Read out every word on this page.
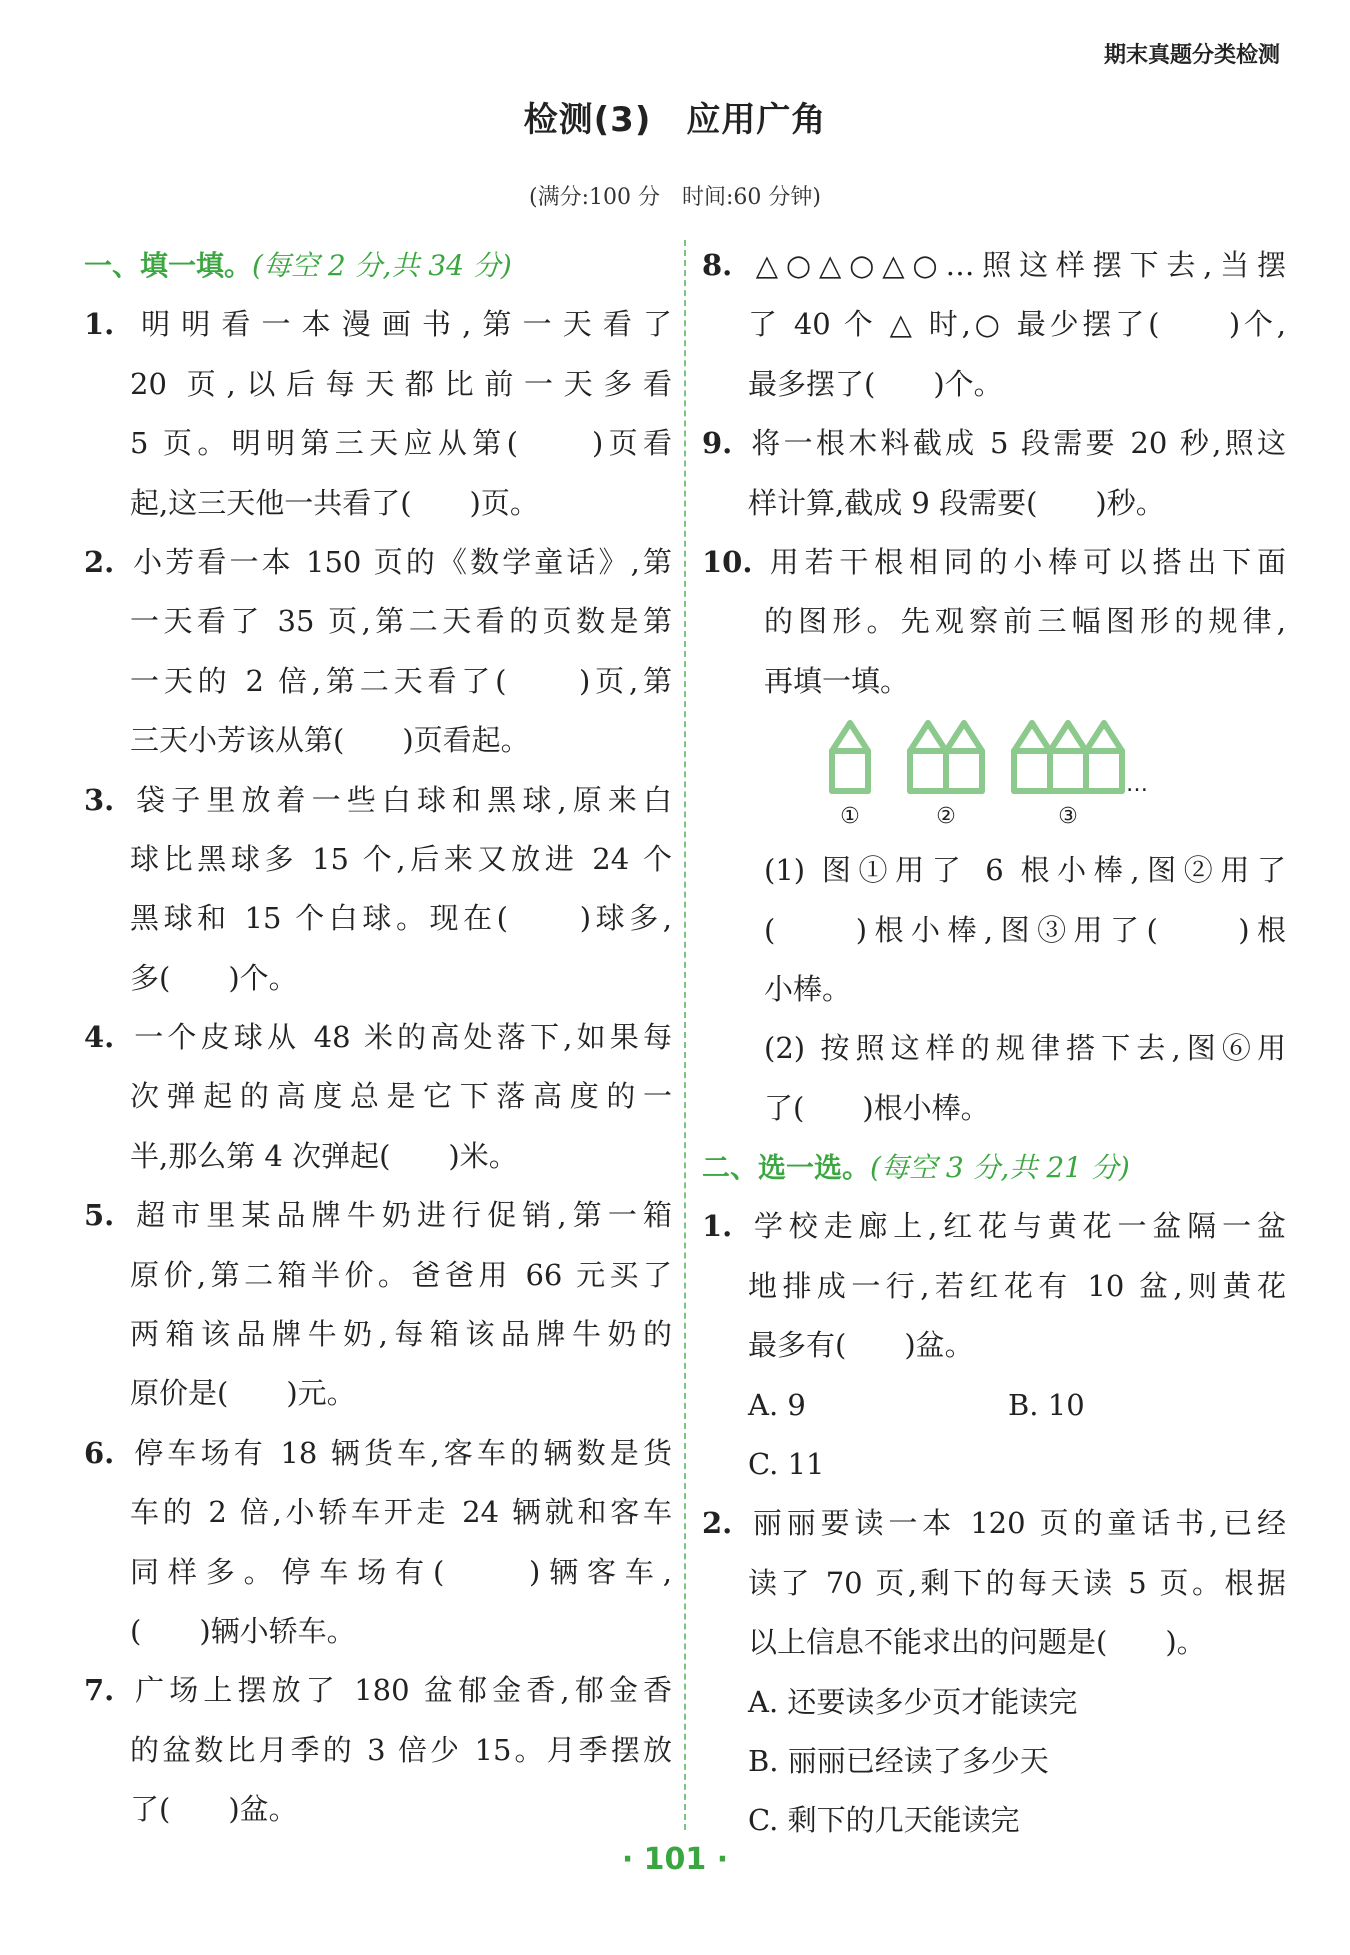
期末真题分类检测
检测(3)　应用广角
(满分:100 分　时间:60 分钟)
一、填一填。(每空 2 分,共 34 分)
1. 明明看一本漫画书,第一天看了
20 页,以后每天都比前一天多看
5 页。明明第三天应从第(　　)页看
起,这三天他一共看了(　　)页。
2. 小芳看一本 150 页的《数学童话》,第
一天看了 35 页,第二天看的页数是第
一天的 2 倍,第二天看了(　　)页,第
三天小芳该从第(　　)页看起。
3. 袋子里放着一些白球和黑球,原来白
球比黑球多 15 个,后来又放进 24 个
黑球和 15 个白球。现在(　　)球多,
多(　　)个。
4. 一个皮球从 48 米的高处落下,如果每
次弹起的高度总是它下落高度的一
半,那么第 4 次弹起(　　)米。
5. 超市里某品牌牛奶进行促销,第一箱
原价,第二箱半价。爸爸用 66 元买了
两箱该品牌牛奶,每箱该品牌牛奶的
原价是(　　)元。
6. 停车场有 18 辆货车,客车的辆数是货
车的 2 倍,小轿车开走 24 辆就和客车
同样多。停车场有(　　)辆客车,
(　　)辆小轿车。
7. 广场上摆放了 180 盆郁金香,郁金香
的盆数比月季的 3 倍少 15。月季摆放
了(　　)盆。
8. △○△○△○…照这样摆下去,当摆
了 40 个 △ 时,○ 最少摆了(　　)个,
最多摆了(　　)个。
9. 将一根木料截成 5 段需要 20 秒,照这
样计算,截成 9 段需要(　　)秒。
10. 用若干根相同的小棒可以搭出下面
的图形。先观察前三幅图形的规律,
再填一填。
①	②	③
…
(1) 图①用了 6 根小棒,图②用了
(　　)根小棒,图③用了(　　)根
小棒。
(2) 按照这样的规律搭下去,图⑥用
了(　　)根小棒。
二、选一选。(每空 3 分,共 21 分)
1. 学校走廊上,红花与黄花一盆隔一盆
地排成一行,若红花有 10 盆,则黄花
最多有(　　)盆。
A. 9	B. 10
C. 11
2. 丽丽要读一本 120 页的童话书,已经
读了 70 页,剩下的每天读 5 页。根据
以上信息不能求出的问题是(　　)。
A. 还要读多少页才能读完
B. 丽丽已经读了多少天
C. 剩下的几天能读完
· 101 ·
